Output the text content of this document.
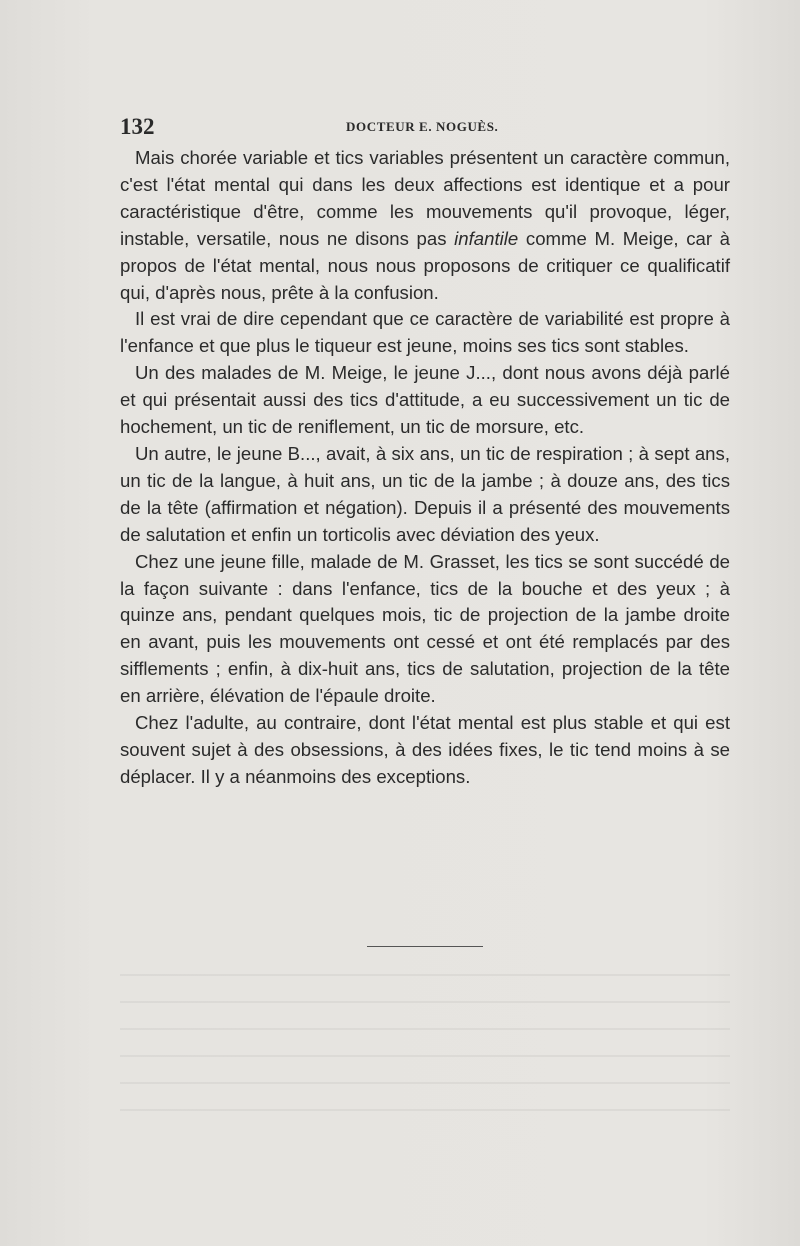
132	DOCTEUR E. NOGUÈS.

Mais chorée variable et tics variables présentent un caractère commun, c'est l'état mental qui dans les deux affections est identique et a pour caractéristique d'être, comme les mouvements qu'il provoque, léger, instable, versatile, nous ne disons pas infantile comme M. Meige, car à propos de l'état mental, nous nous proposons de critiquer ce qualificatif qui, d'après nous, prête à la confusion.

Il est vrai de dire cependant que ce caractère de variabilité est propre à l'enfance et que plus le tiqueur est jeune, moins ses tics sont stables.

Un des malades de M. Meige, le jeune J..., dont nous avons déjà parlé et qui présentait aussi des tics d'attitude, a eu successivement un tic de hochement, un tic de reniflement, un tic de morsure, etc.

Un autre, le jeune B..., avait, à six ans, un tic de respiration ; à sept ans, un tic de la langue, à huit ans, un tic de la jambe ; à douze ans, des tics de la tête (affirmation et négation). Depuis il a présenté des mouvements de salutation et enfin un torticolis avec déviation des yeux.

Chez une jeune fille, malade de M. Grasset, les tics se sont succédé de la façon suivante : dans l'enfance, tics de la bouche et des yeux ; à quinze ans, pendant quelques mois, tic de projection de la jambe droite en avant, puis les mouvements ont cessé et ont été remplacés par des sifflements ; enfin, à dix-huit ans, tics de salutation, projection de la tête en arrière, élévation de l'épaule droite.

Chez l'adulte, au contraire, dont l'état mental est plus stable et qui est souvent sujet à des obsessions, à des idées fixes, le tic tend moins à se déplacer. Il y a néanmoins des exceptions.
